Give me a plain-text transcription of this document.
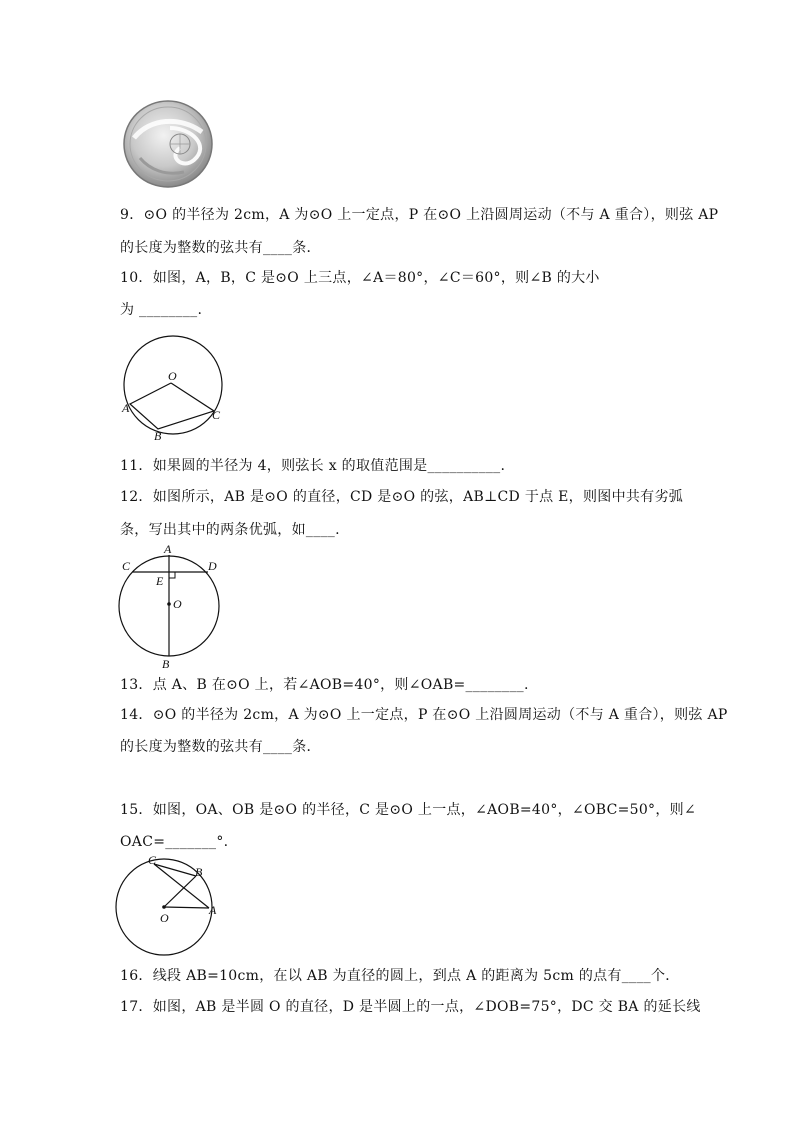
9．⊙O 的半径为 2cm，A 为⊙O 上一定点，P 在⊙O 上沿圆周运动（不与 A 重合），则弦 AP
的长度为整数的弦共有____条．
10．如图，A，B，C 是⊙O 上三点，∠A＝80°，∠C＝60°，则∠B 的大小
为 ________.
O
A
B
C
11．如果圆的半径为 4，则弦长 x 的取值范围是__________.
12．如图所示，AB 是⊙O 的直径，CD 是⊙O 的弦，AB⊥CD 于点 E，则图中共有劣弧
条，写出其中的两条优弧，如____.
A
C	D
E
O
B
13．点 A、B 在⊙O 上，若∠AOB=40°，则∠OAB=________.
14．⊙O 的半径为 2cm，A 为⊙O 上一定点，P 在⊙O 上沿圆周运动（不与 A 重合），则弦 AP
的长度为整数的弦共有____条．
15．如图，OA、OB 是⊙O 的半径，C 是⊙O 上一点，∠AOB=40°，∠OBC=50°，则∠
OAC=_______°.
C
B
A
O
16．线段 AB=10cm，在以 AB 为直径的圆上，到点 A 的距离为 5cm 的点有____个．
17．如图，AB 是半圆 O 的直径，D 是半圆上的一点，∠DOB=75°，DC 交 BA 的延长线
